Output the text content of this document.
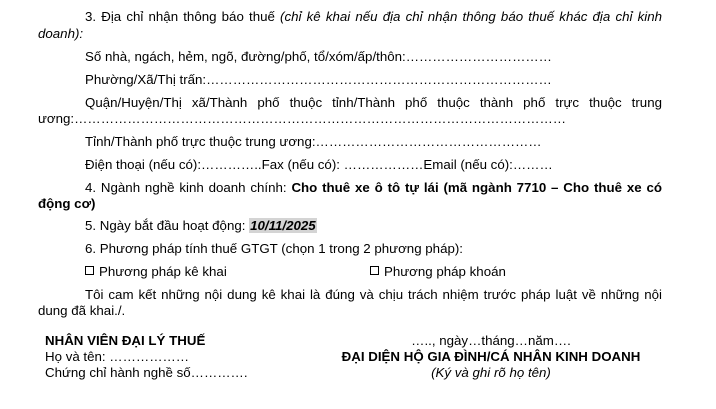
3. Địa chỉ nhận thông báo thuế (chỉ kê khai nếu địa chỉ nhận thông báo thuế khác địa chỉ kinh
doanh):
Số nhà, ngách, hẻm, ngõ, đường/phố, tổ/xóm/ấp/thôn:……………………………
Phường/Xã/Thị trấn:……………………………………………………………………
Quận/Huyện/Thị xã/Thành phố thuộc tỉnh/Thành phố thuộc thành phố trực thuộc trung
ương:…………………………………………………………………………………………………
Tỉnh/Thành phố trực thuộc trung ương:……………………………………………
Điện thoại (nếu có):…………..Fax (nếu có): ………………Email (nếu có):………
4. Ngành nghề kinh doanh chính: Cho thuê xe ô tô tự lái (mã ngành 7710 – Cho thuê xe có
động cơ)
5. Ngày bắt đầu hoạt động: 10/11/2025
6. Phương pháp tính thuế GTGT (chọn 1 trong 2 phương pháp):
Phương pháp kê khai	Phương pháp khoán
Tôi cam kết những nội dung kê khai là đúng và chịu trách nhiệm trước pháp luật về những nội
dung đã khai./.
NHÂN VIÊN ĐẠI LÝ THUẾ
Họ và tên: ………………
Chứng chỉ hành nghề số………….
….., ngày…tháng…năm….
ĐẠI DIỆN HỘ GIA ĐÌNH/CÁ NHÂN KINH DOANH
(Ký và ghi rõ họ tên)
